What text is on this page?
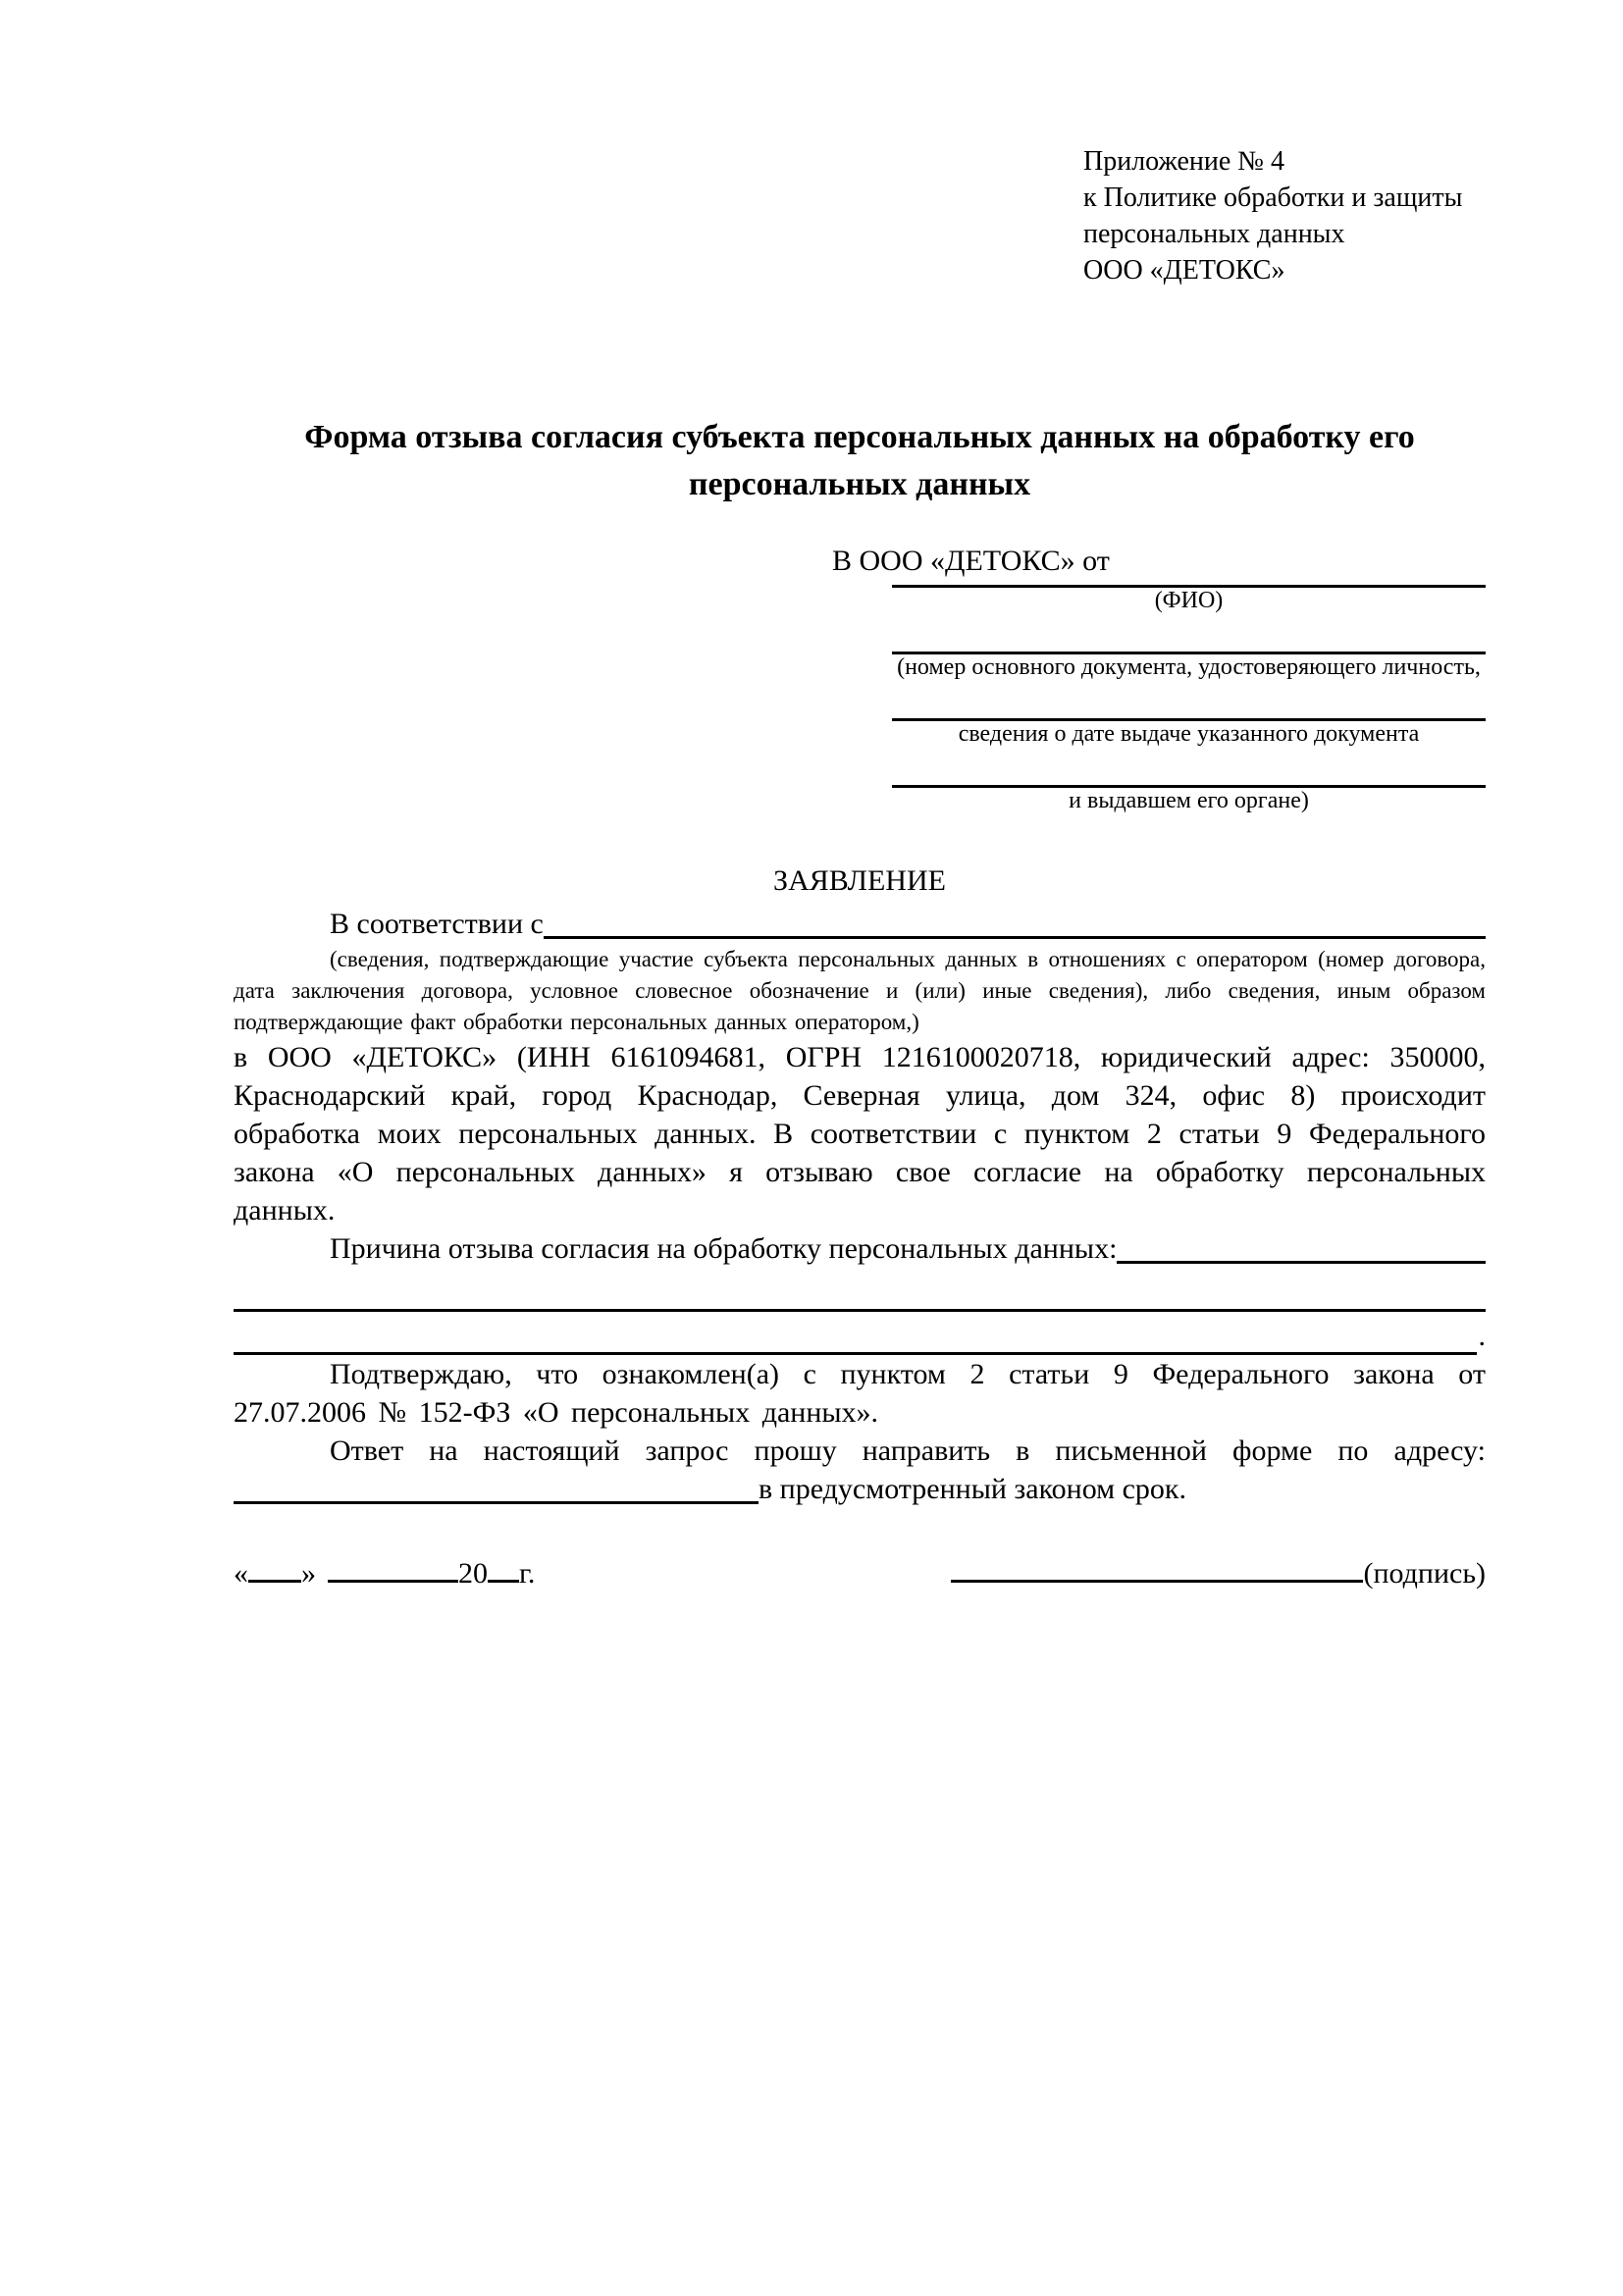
Приложение № 4
к Политике обработки и защиты
персональных данных
ООО «ДЕТОКС»
Форма отзыва согласия субъекта персональных данных на обработку его персональных данных
В ООО «ДЕТОКС» от
(ФИО)
(номер основного документа, удостоверяющего личность,
сведения о дате выдаче указанного документа
и выдавшем его органе)
ЗАЯВЛЕНИЕ
В соответствии с
(сведения, подтверждающие участие субъекта персональных данных в отношениях с оператором (номер договора, дата заключения договора, условное словесное обозначение и (или) иные сведения), либо сведения, иным образом подтверждающие факт обработки персональных данных оператором,)
в ООО «ДЕТОКС» (ИНН 6161094681, ОГРН 1216100020718, юридический адрес: 350000, Краснодарский край, город Краснодар, Северная улица, дом 324, офис 8) происходит обработка моих персональных данных. В соответствии с пунктом 2 статьи 9 Федерального закона «О персональных данных» я отзываю свое согласие на обработку персональных данных.
Причина отзыва согласия на обработку персональных данных:
.
Подтверждаю, что ознакомлен(а) с пунктом 2 статьи 9 Федерального закона от 27.07.2006 № 152-ФЗ «О персональных данных».
Ответ на настоящий запрос прошу направить в письменной форме по адресу:
в предусмотренный законом срок.
« »	20 г.	(подпись)
